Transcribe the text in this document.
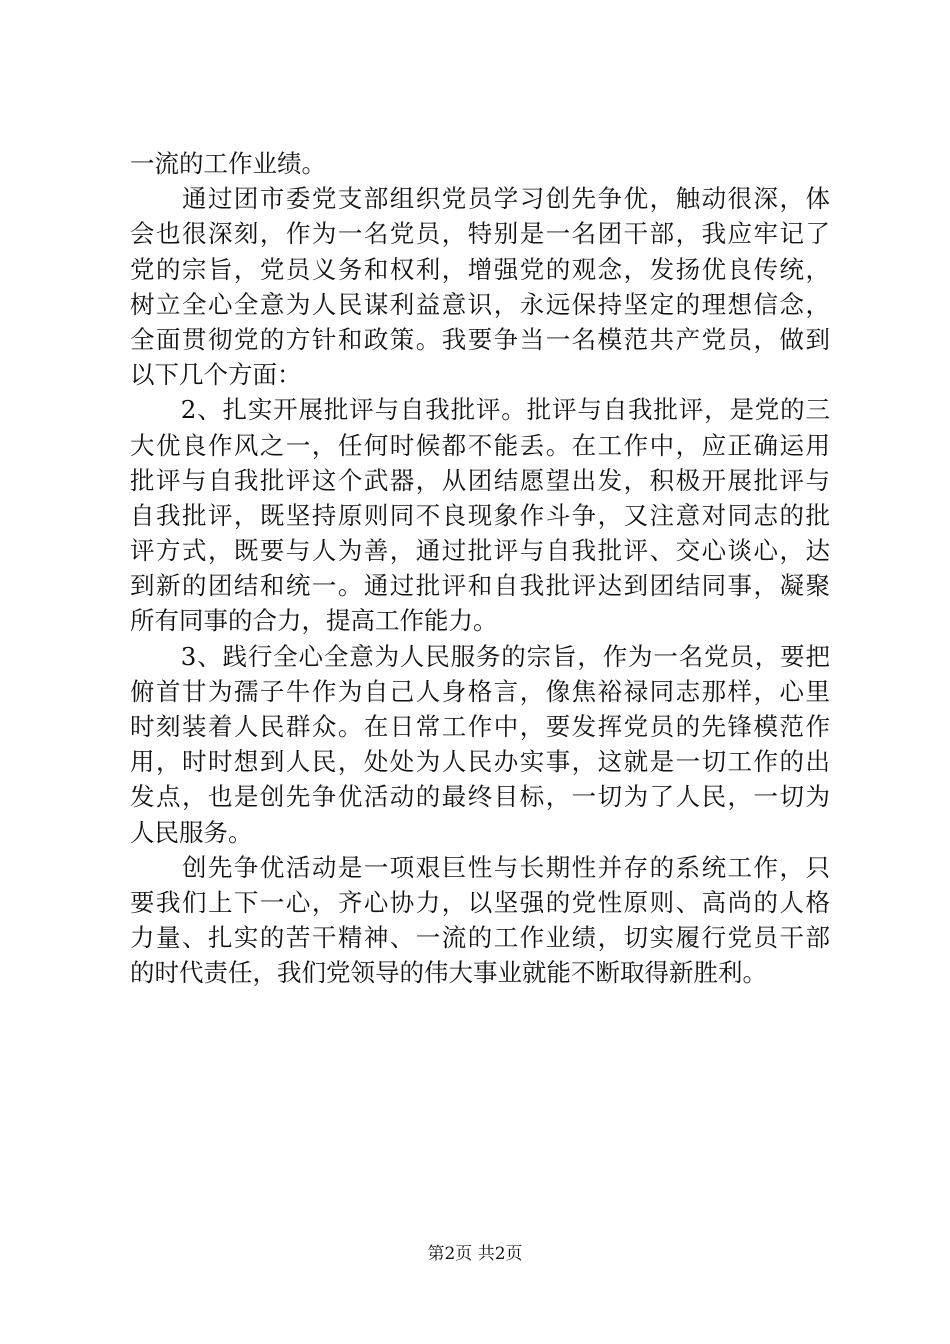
一流的工作业绩。
　　通过团市委党支部组织党员学习创先争优，触动很深，体
会也很深刻，作为一名党员，特别是一名团干部，我应牢记了
党的宗旨，党员义务和权利，增强党的观念，发扬优良传统，
树立全心全意为人民谋利益意识，永远保持坚定的理想信念，
全面贯彻党的方针和政策。我要争当一名模范共产党员，做到
以下几个方面：
　　2、扎实开展批评与自我批评。批评与自我批评，是党的三
大优良作风之一，任何时候都不能丢。在工作中，应正确运用
批评与自我批评这个武器，从团结愿望出发，积极开展批评与
自我批评，既坚持原则同不良现象作斗争，又注意对同志的批
评方式，既要与人为善，通过批评与自我批评、交心谈心，达
到新的团结和统一。通过批评和自我批评达到团结同事，凝聚
所有同事的合力，提高工作能力。
　　3、践行全心全意为人民服务的宗旨，作为一名党员，要把
俯首甘为孺子牛作为自己人身格言，像焦裕禄同志那样，心里
时刻装着人民群众。在日常工作中，要发挥党员的先锋模范作
用，时时想到人民，处处为人民办实事，这就是一切工作的出
发点，也是创先争优活动的最终目标，一切为了人民，一切为
人民服务。
　　创先争优活动是一项艰巨性与长期性并存的系统工作，只
要我们上下一心，齐心协力，以坚强的党性原则、高尚的人格
力量、扎实的苦干精神、一流的工作业绩，切实履行党员干部
的时代责任，我们党领导的伟大事业就能不断取得新胜利。
第2页 共2页
